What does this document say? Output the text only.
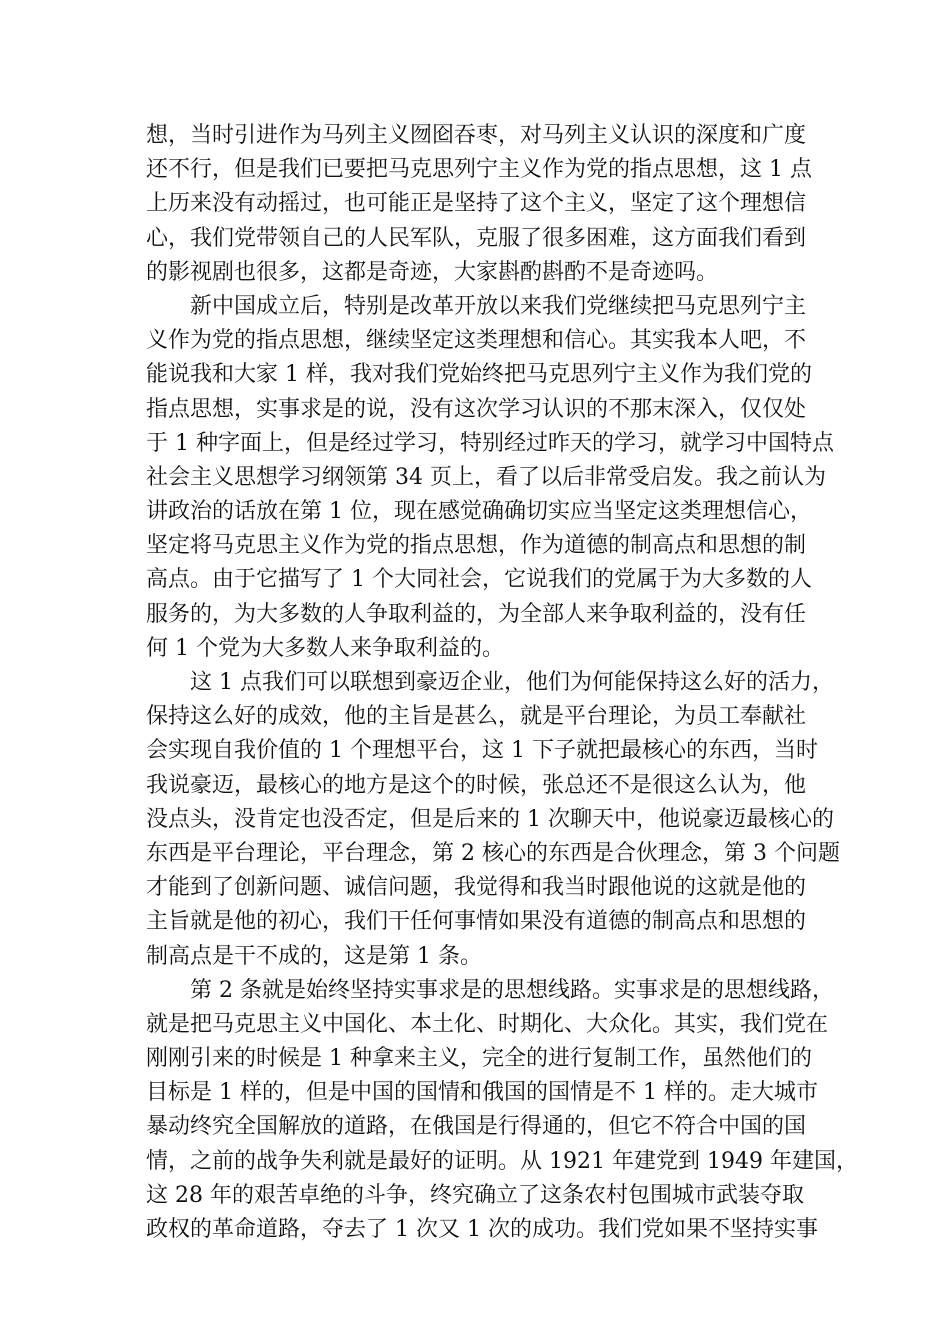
想，当时引进作为马列主义囫囵吞枣，对马列主义认识的深度和广度
还不行，但是我们已要把马克思列宁主义作为党的指点思想，这 1 点
上历来没有动摇过，也可能正是坚持了这个主义，坚定了这个理想信
心，我们党带领自己的人民军队，克服了很多困难，这方面我们看到
的影视剧也很多，这都是奇迹，大家斟酌斟酌不是奇迹吗。
新中国成立后，特别是改革开放以来我们党继续把马克思列宁主
义作为党的指点思想，继续坚定这类理想和信心。其实我本人吧，不
能说我和大家 1 样，我对我们党始终把马克思列宁主义作为我们党的
指点思想，实事求是的说，没有这次学习认识的不那末深入，仅仅处
于 1 种字面上，但是经过学习，特别经过昨天的学习，就学习中国特点
社会主义思想学习纲领第 34 页上，看了以后非常受启发。我之前认为
讲政治的话放在第 1 位，现在感觉确确切实应当坚定这类理想信心，
坚定将马克思主义作为党的指点思想，作为道德的制高点和思想的制
高点。由于它描写了 1 个大同社会，它说我们的党属于为大多数的人
服务的，为大多数的人争取利益的，为全部人来争取利益的，没有任
何 1 个党为大多数人来争取利益的。
这 1 点我们可以联想到豪迈企业，他们为何能保持这么好的活力，
保持这么好的成效，他的主旨是甚么，就是平台理论，为员工奉献社
会实现自我价值的 1 个理想平台，这 1 下子就把最核心的东西，当时
我说豪迈，最核心的地方是这个的时候，张总还不是很这么认为，他
没点头，没肯定也没否定，但是后来的 1 次聊天中，他说豪迈最核心的
东西是平台理论，平台理念，第 2 核心的东西是合伙理念，第 3 个问题
才能到了创新问题、诚信问题，我觉得和我当时跟他说的这就是他的
主旨就是他的初心，我们干任何事情如果没有道德的制高点和思想的
制高点是干不成的，这是第 1 条。
第 2 条就是始终坚持实事求是的思想线路。实事求是的思想线路，
就是把马克思主义中国化、本土化、时期化、大众化。其实，我们党在
刚刚引来的时候是 1 种拿来主义，完全的进行复制工作，虽然他们的
目标是 1 样的，但是中国的国情和俄国的国情是不 1 样的。走大城市
暴动终究全国解放的道路，在俄国是行得通的，但它不符合中国的国
情，之前的战争失利就是最好的证明。从 1921 年建党到 1949 年建国，
这 28 年的艰苦卓绝的斗争，终究确立了这条农村包围城市武装夺取
政权的革命道路，夺去了 1 次又 1 次的成功。我们党如果不坚持实事
